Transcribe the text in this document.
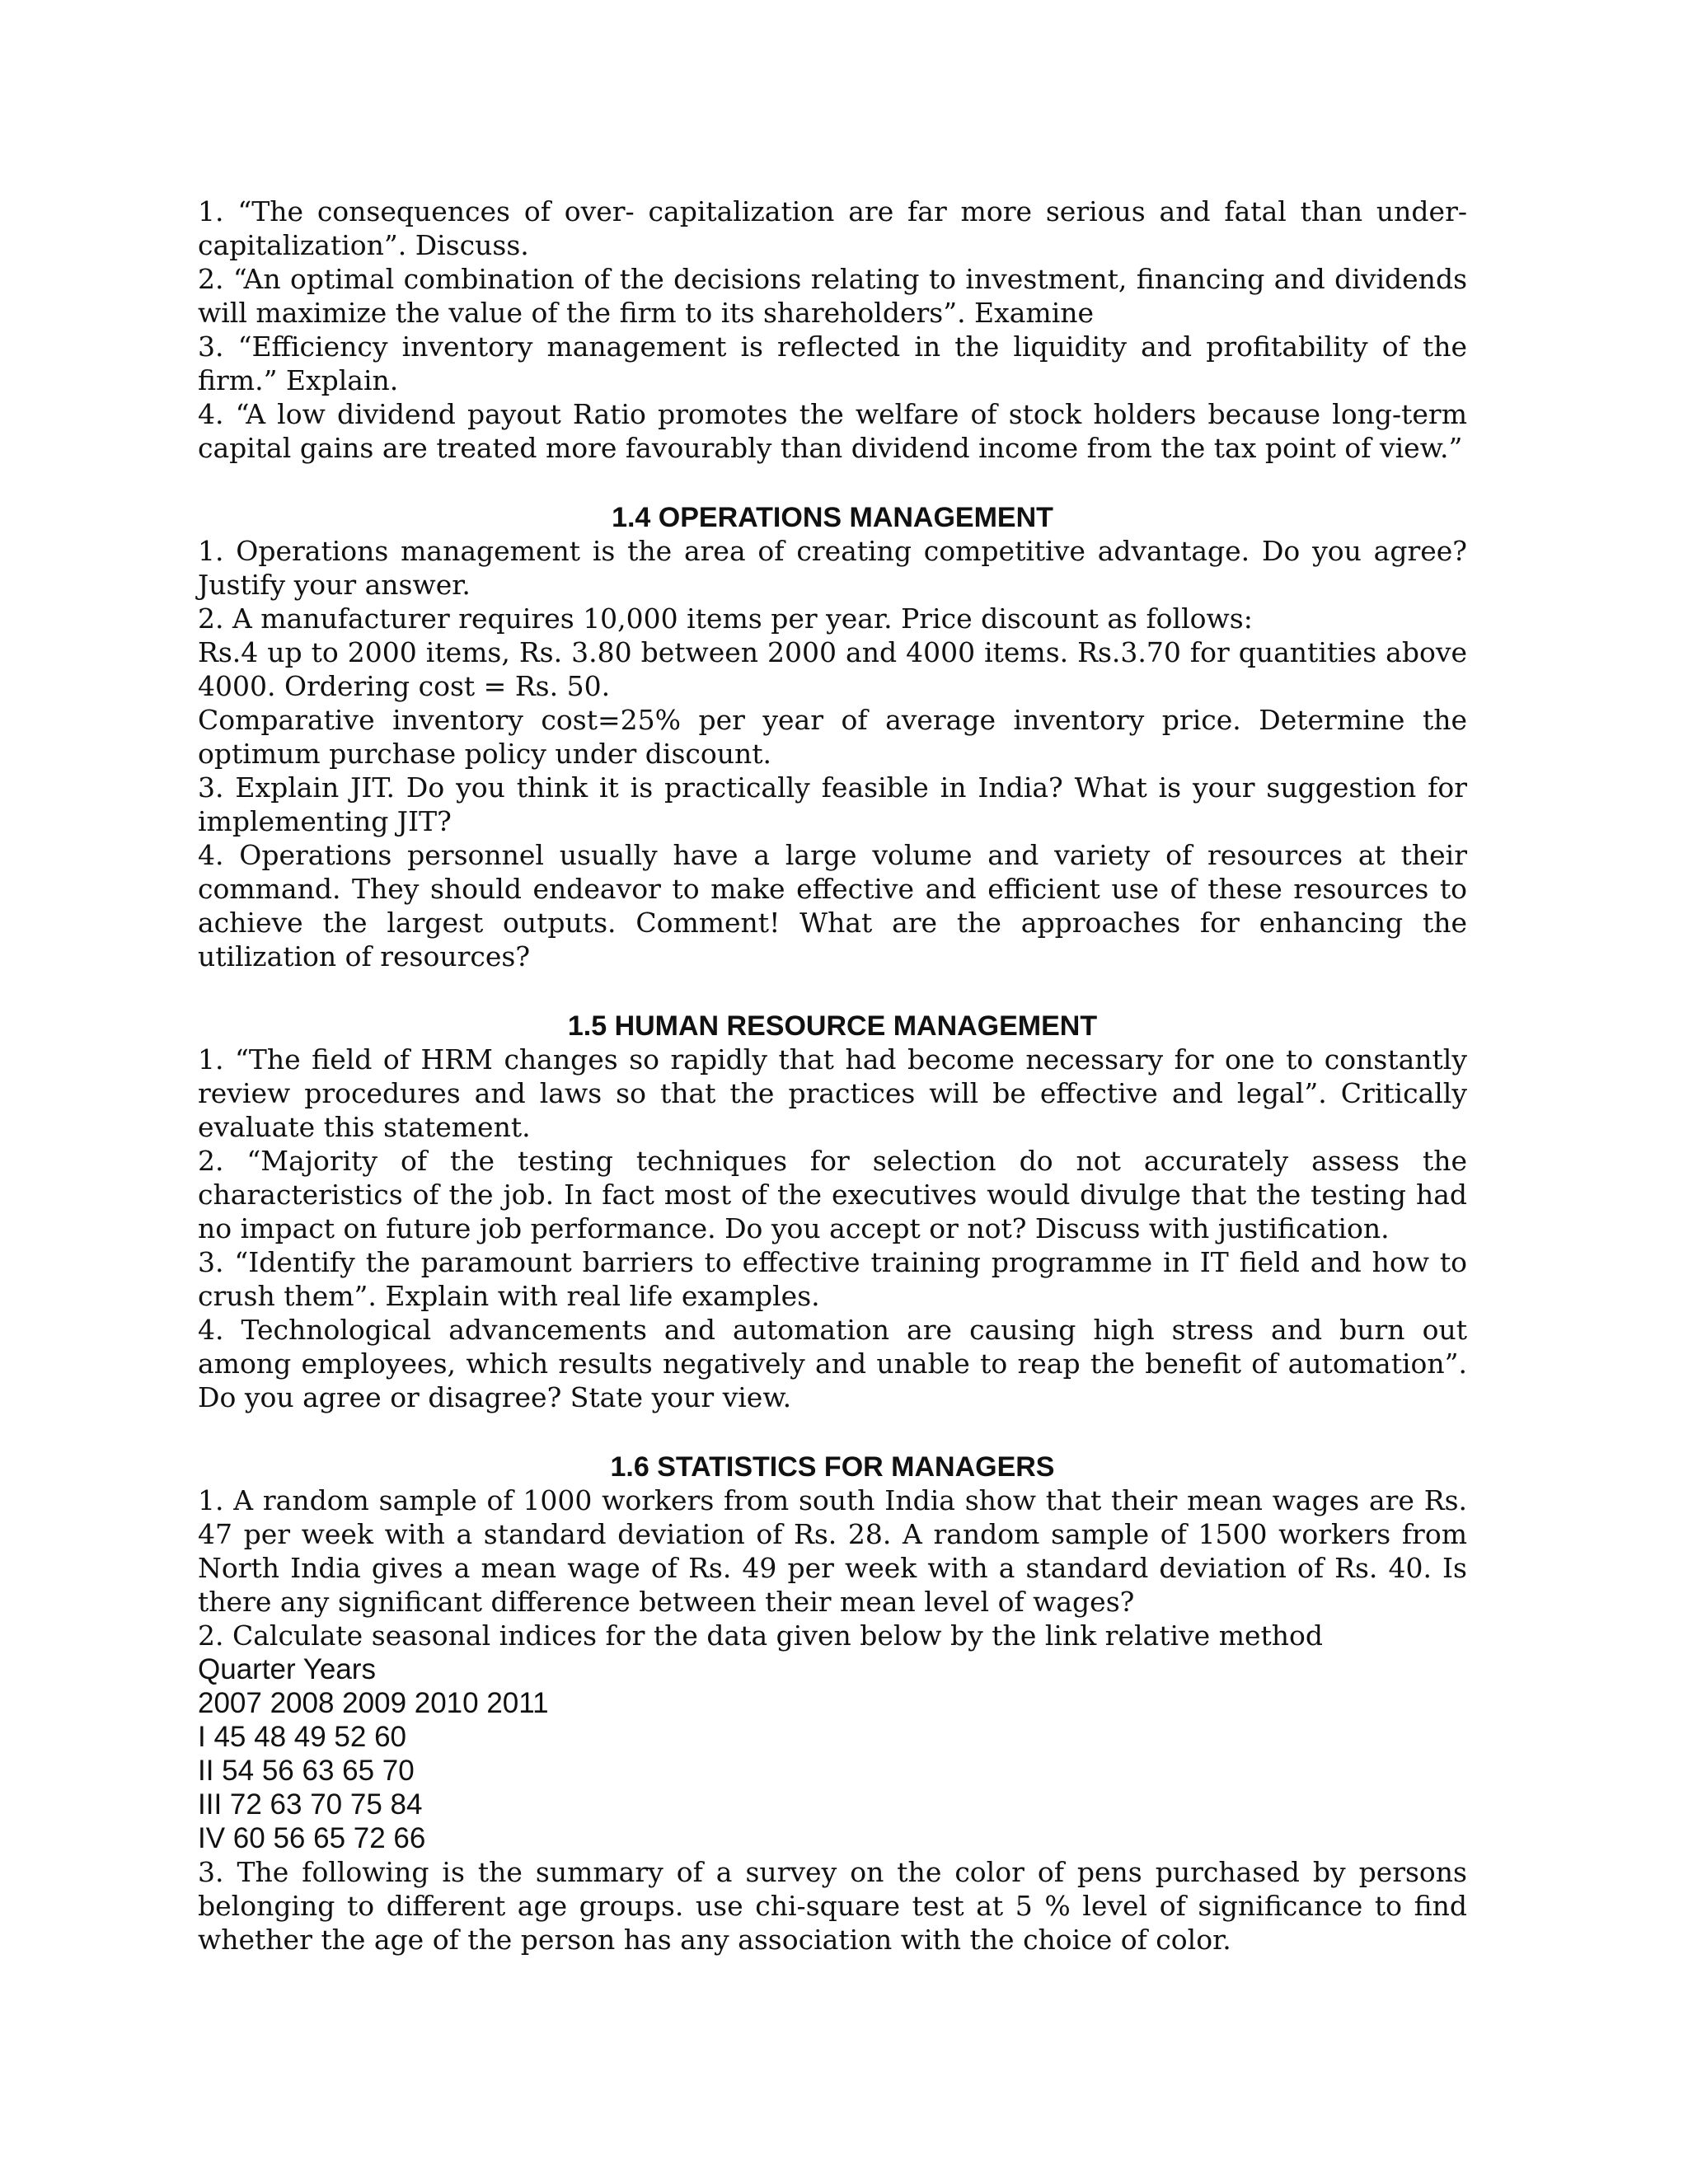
1. “The consequences of over- capitalization are far more serious and fatal than under-capitalization”. Discuss.

2. “An optimal combination of the decisions relating to investment, financing and dividends will maximize the value of the firm to its shareholders”. Examine

3. “Efficiency inventory management is reflected in the liquidity and profitability of the firm.” Explain.

4. “A low dividend payout Ratio promotes the welfare of stock holders because long-term capital gains are treated more favourably than dividend income from the tax point of view.”

1.4 OPERATIONS MANAGEMENT

1. Operations management is the area of creating competitive advantage. Do you agree? Justify your answer.

2. A manufacturer requires 10,000 items per year. Price discount as follows:

Rs.4 up to 2000 items, Rs. 3.80 between 2000 and 4000 items. Rs.3.70 for quantities above 4000. Ordering cost = Rs. 50.

Comparative inventory cost=25% per year of average inventory price. Determine the optimum purchase policy under discount.

3. Explain JIT. Do you think it is practically feasible in India? What is your suggestion for implementing JIT?

4. Operations personnel usually have a large volume and variety of resources at their command. They should endeavor to make effective and efficient use of these resources to achieve the largest outputs. Comment! What are the approaches for enhancing the utilization of resources?

1.5 HUMAN RESOURCE MANAGEMENT

1. “The field of HRM changes so rapidly that had become necessary for one to constantly review procedures and laws so that the practices will be effective and legal”. Critically evaluate this statement.

2. “Majority of the testing techniques for selection do not accurately assess the characteristics of the job. In fact most of the executives would divulge that the testing had no impact on future job performance. Do you accept or not? Discuss with justification.

3. “Identify the paramount barriers to effective training programme in IT field and how to crush them”. Explain with real life examples.

4. Technological advancements and automation are causing high stress and burn out among employees, which results negatively and unable to reap the benefit of automation”. Do you agree or disagree? State your view.

1.6 STATISTICS FOR MANAGERS

1. A random sample of 1000 workers from south India show that their mean wages are Rs. 47 per week with a standard deviation of Rs. 28. A random sample of 1500 workers from North India gives a mean wage of Rs. 49 per week with a standard deviation of Rs. 40. Is there any significant difference between their mean level of wages?

2. Calculate seasonal indices for the data given below by the link relative method

Quarter Years

2007 2008 2009 2010 2011

I 45 48 49 52 60

II 54 56 63 65 70

III 72 63 70 75 84

IV 60 56 65 72 66

3. The following is the summary of a survey on the color of pens purchased by persons belonging to different age groups. use chi-square test at 5 % level of significance to find whether the age of the person has any association with the choice of color.
